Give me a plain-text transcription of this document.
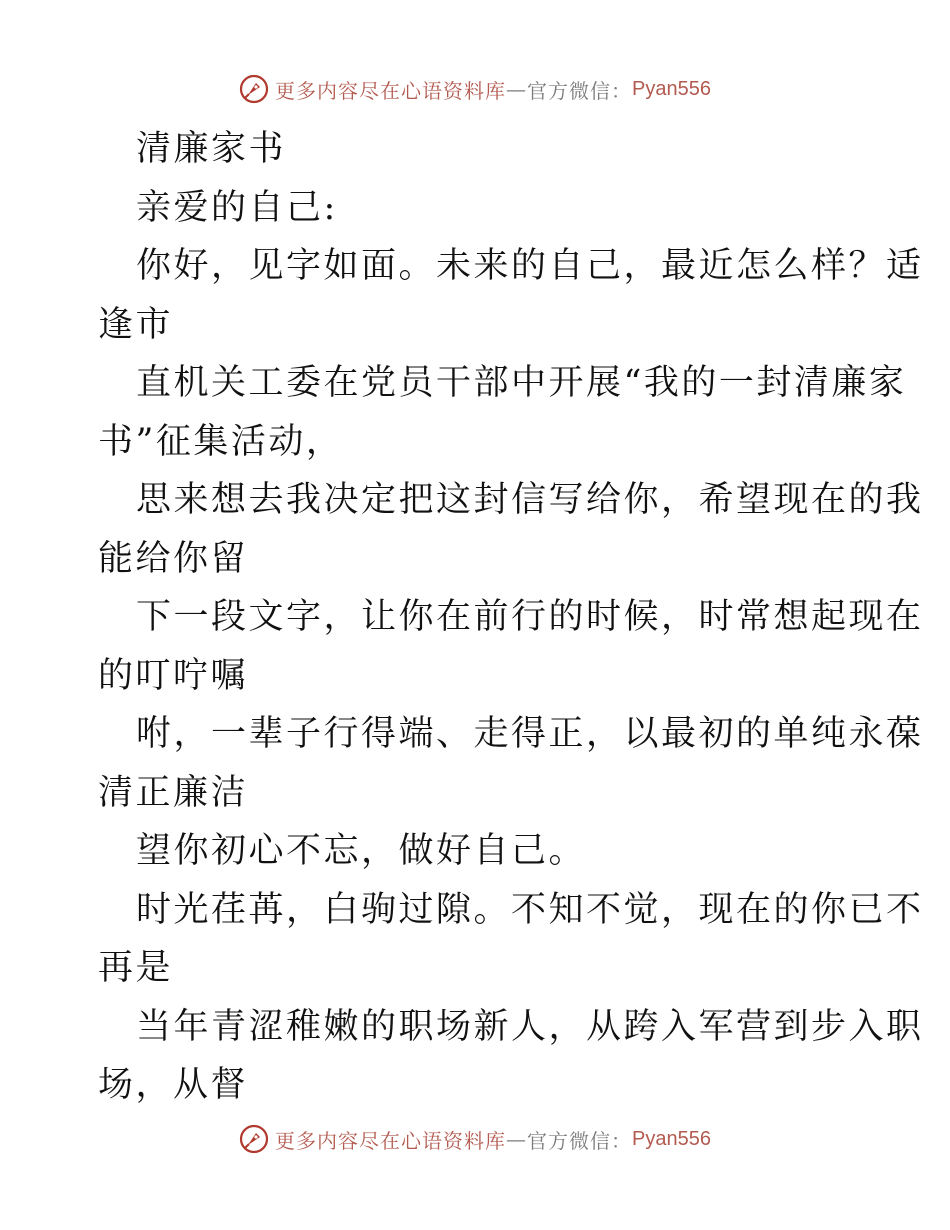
更多内容尽在心语资料库 — 官方微信： Pyan556
清廉家书
亲爱的自己:
你好，见字如面。未来的自己，最近怎么样？适
逢市
直机关工委在党员干部中开展“我的一封清廉家
书”征集活动，
思来想去我决定把这封信写给你，希望现在的我
能给你留
下一段文字，让你在前行的时候，时常想起现在
的叮咛嘱
咐，一辈子行得端、走得正，以最初的单纯永葆
清正廉洁
望你初心不忘，做好自己。
时光荏苒，白驹过隙。不知不觉，现在的你已不
再是
当年青涩稚嫩的职场新人，从跨入军营到步入职
场，从督
更多内容尽在心语资料库 — 官方微信： Pyan556
